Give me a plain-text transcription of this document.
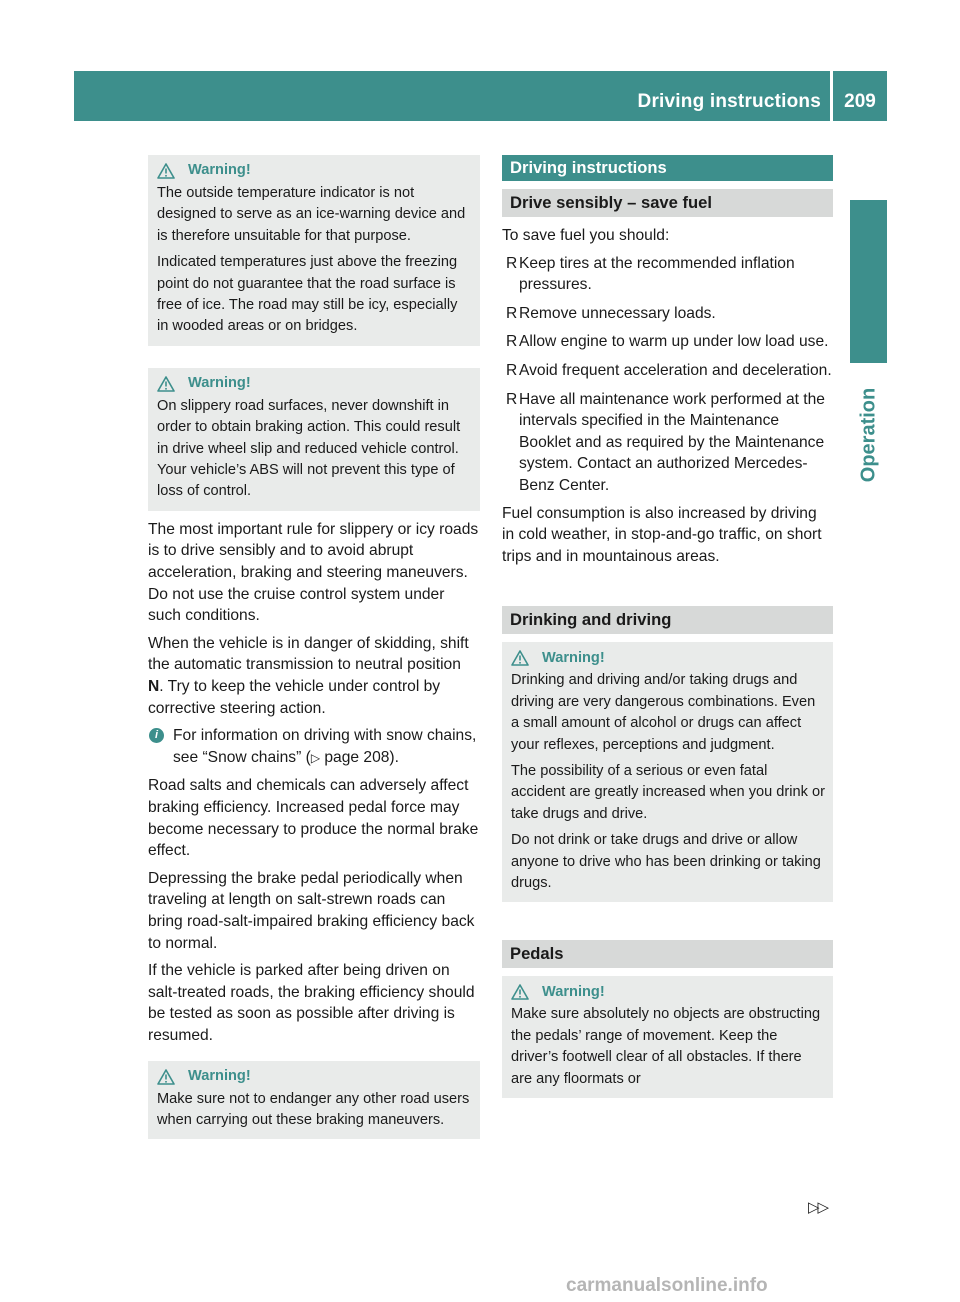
Driving instructions	209
Operation
Warning!

The outside temperature indicator is not designed to serve as an ice-warning device and is therefore unsuitable for that purpose.

Indicated temperatures just above the freezing point do not guarantee that the road surface is free of ice. The road may still be icy, especially in wooded areas or on bridges.

Warning!

On slippery road surfaces, never downshift in order to obtain braking action. This could result in drive wheel slip and reduced vehicle control. Your vehicle’s ABS will not prevent this type of loss of control.

The most important rule for slippery or icy roads is to drive sensibly and to avoid abrupt acceleration, braking and steering maneuvers. Do not use the cruise control system under such conditions.

When the vehicle is in danger of skidding, shift the automatic transmission to neutral position N. Try to keep the vehicle under control by corrective steering action.

i For information on driving with snow chains, see “Snow chains” (▷ page 208).

Road salts and chemicals can adversely affect braking efficiency. Increased pedal force may become necessary to produce the normal brake effect.

Depressing the brake pedal periodically when traveling at length on salt-strewn roads can bring road-salt-impaired braking efficiency back to normal.

If the vehicle is parked after being driven on salt-treated roads, the braking efficiency should be tested as soon as possible after driving is resumed.

Warning!

Make sure not to endanger any other road users when carrying out these braking maneuvers.

Driving instructions
Drive sensibly – save fuel

To save fuel you should:

R Keep tires at the recommended inflation pressures.
R Remove unnecessary loads.
R Allow engine to warm up under low load use.
R Avoid frequent acceleration and deceleration.
R Have all maintenance work performed at the intervals specified in the Maintenance Booklet and as required by the Maintenance system. Contact an authorized Mercedes-Benz Center.

Fuel consumption is also increased by driving in cold weather, in stop-and-go traffic, on short trips and in mountainous areas.

Drinking and driving
Warning!

Drinking and driving and/or taking drugs and driving are very dangerous combinations. Even a small amount of alcohol or drugs can affect your reflexes, perceptions and judgment.

The possibility of a serious or even fatal accident are greatly increased when you drink or take drugs and drive.

Do not drink or take drugs and drive or allow anyone to drive who has been drinking or taking drugs.

Pedals
Warning!

Make sure absolutely no objects are obstructing the pedals’ range of movement. Keep the driver’s footwell clear of all obstacles. If there are any floormats or

▷▷
carmanualsonline.info
